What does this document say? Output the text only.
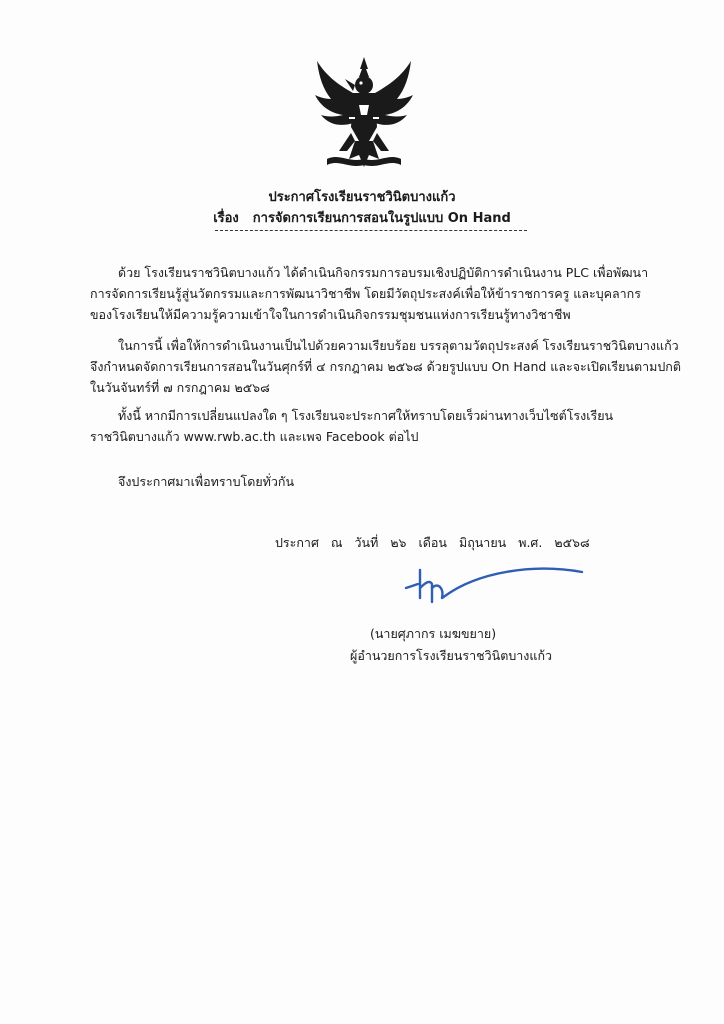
ประกาศโรงเรียนราชวินิตบางแก้ว
เรื่อง การจัดการเรียนการสอนในรูปแบบ On Hand
ด้วย โรงเรียนราชวินิตบางแก้ว ได้ดำเนินกิจกรรมการอบรมเชิงปฏิบัติการดำเนินงาน PLC เพื่อพัฒนา
การจัดการเรียนรู้สู่นวัตกรรมและการพัฒนาวิชาชีพ โดยมีวัตถุประสงค์เพื่อให้ข้าราชการครู และบุคลากร
ของโรงเรียนให้มีความรู้ความเข้าใจในการดำเนินกิจกรรมชุมชนแห่งการเรียนรู้ทางวิชาชีพ
ในการนี้ เพื่อให้การดำเนินงานเป็นไปด้วยความเรียบร้อย บรรลุตามวัตถุประสงค์ โรงเรียนราชวินิตบางแก้ว
จึงกำหนดจัดการเรียนการสอนในวันศุกร์ที่ ๔ กรกฎาคม ๒๕๖๘ ด้วยรูปแบบ On Hand และจะเปิดเรียนตามปกติ
ในวันจันทร์ที่ ๗ กรกฎาคม ๒๕๖๘
ทั้งนี้ หากมีการเปลี่ยนแปลงใด ๆ โรงเรียนจะประกาศให้ทราบโดยเร็วผ่านทางเว็บไซต์โรงเรียน
ราชวินิตบางแก้ว www.rwb.ac.th และเพจ Facebook ต่อไป
จึงประกาศมาเพื่อทราบโดยทั่วกัน
ประกาศ ณ วันที่ ๒๖ เดือน มิถุนายน พ.ศ. ๒๕๖๘
(นายศุภากร เมฆขยาย)
ผู้อำนวยการโรงเรียนราชวินิตบางแก้ว
